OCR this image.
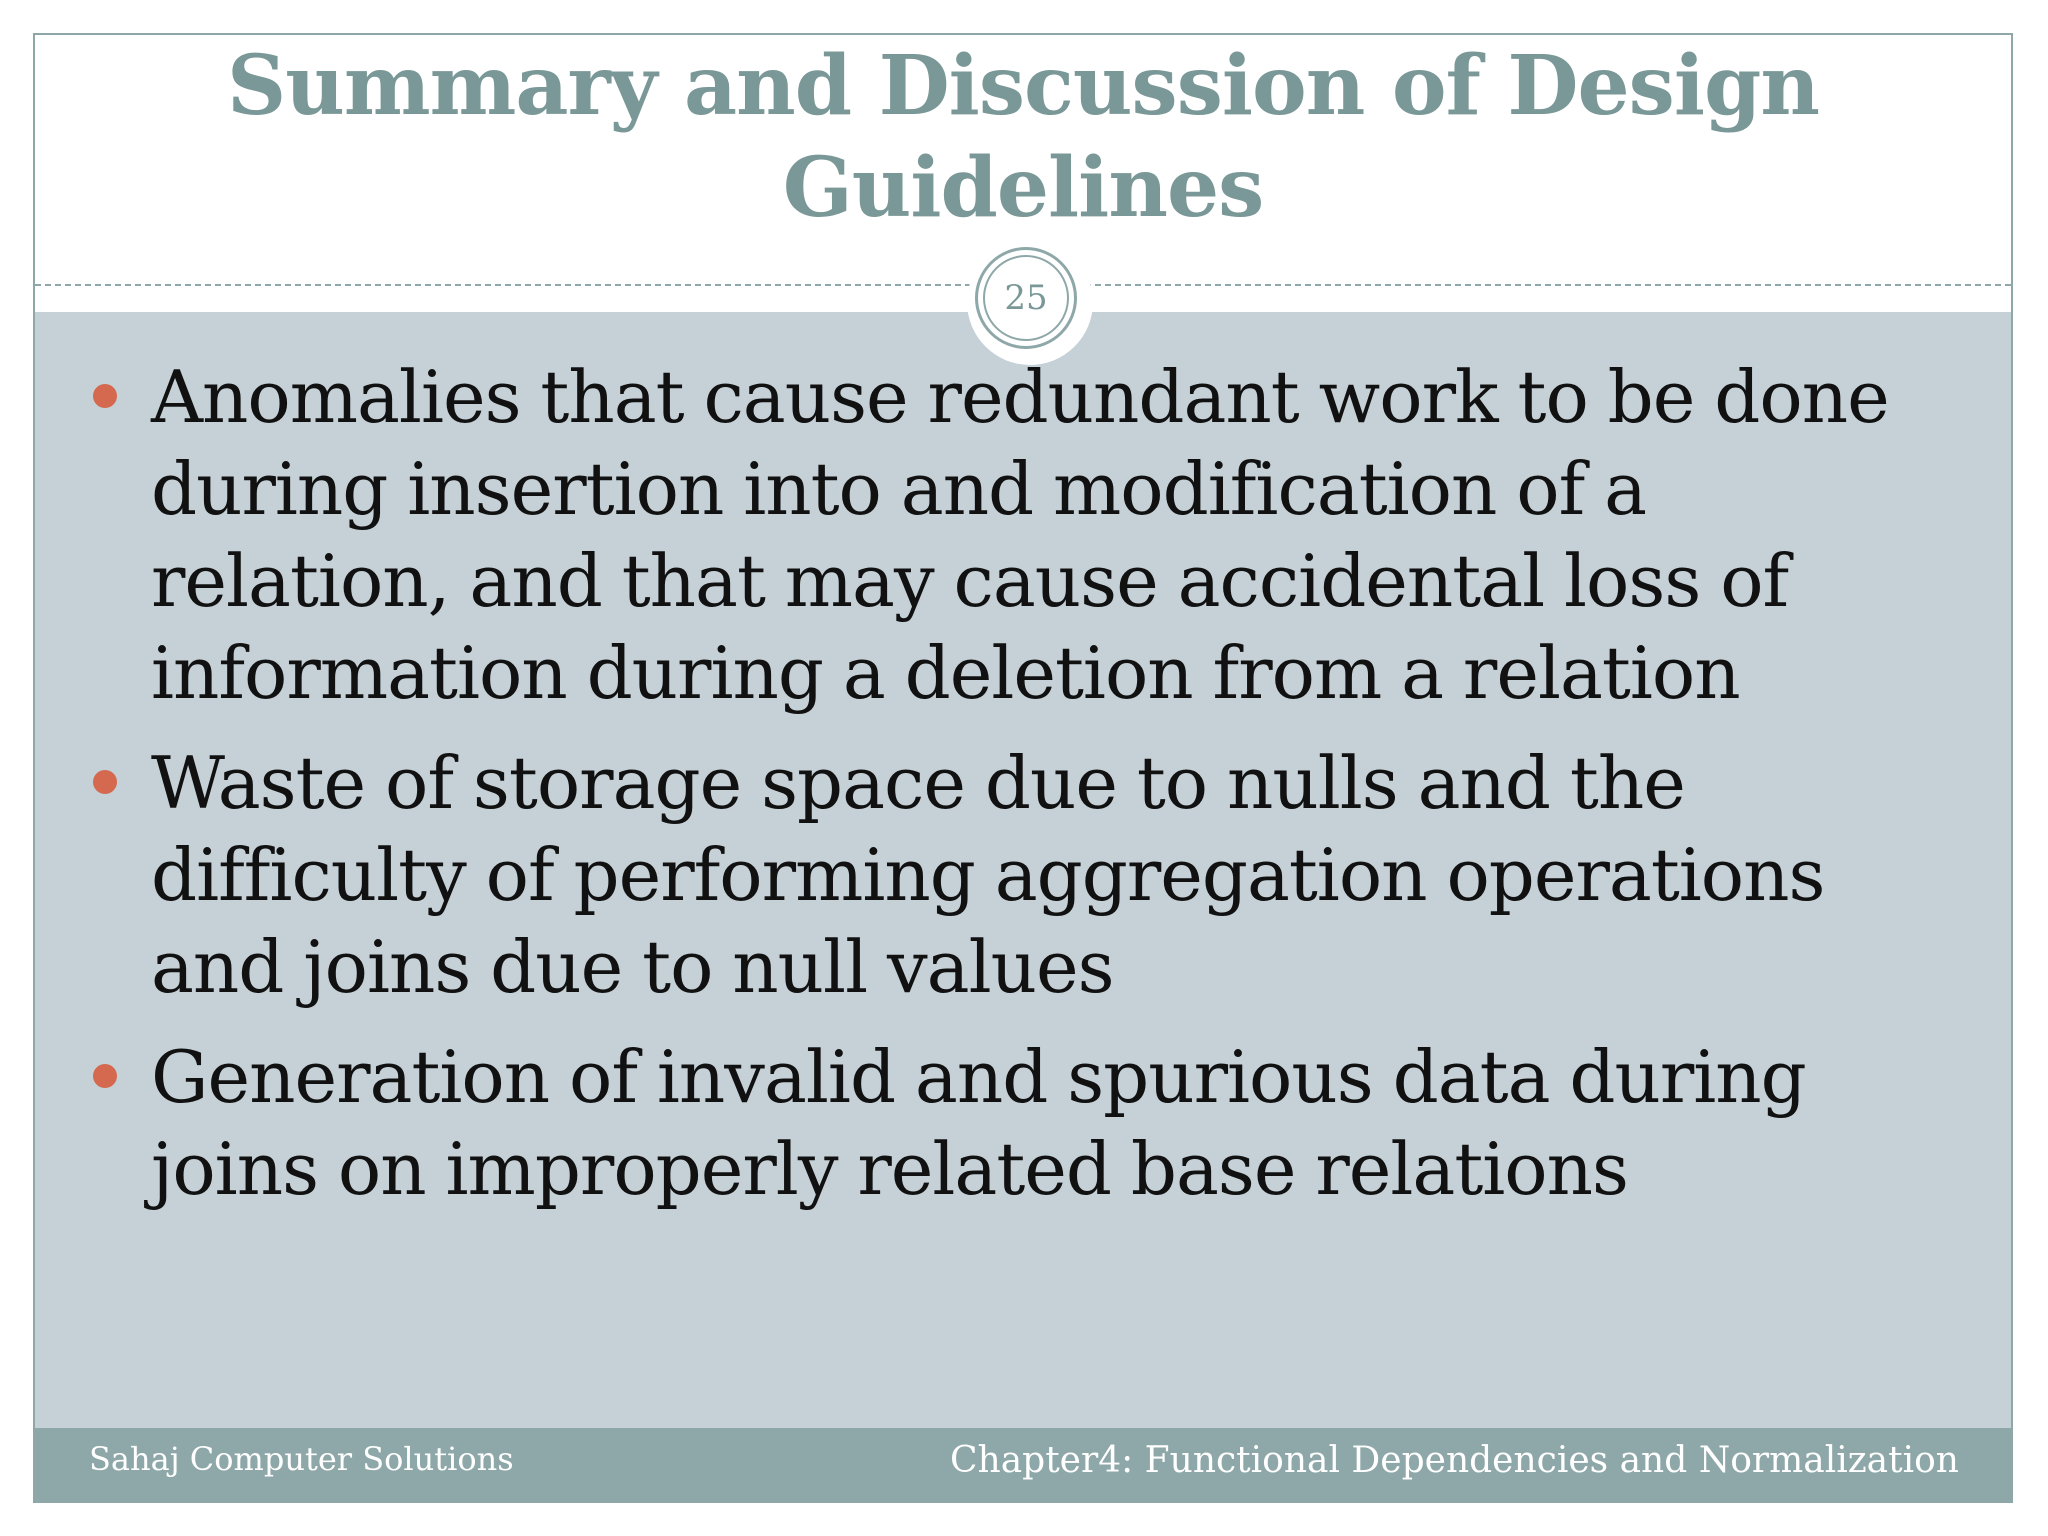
Summary and Discussion of Design Guidelines
25
Anomalies that cause redundant work to be done during insertion into and modification of a relation, and that may cause accidental loss of information during a deletion from a relation
Waste of storage space due to nulls and the difficulty of performing aggregation operations and joins due to null values
Generation of invalid and spurious data during joins on improperly related base relations
Sahaj Computer Solutions	Chapter4: Functional Dependencies and Normalization
